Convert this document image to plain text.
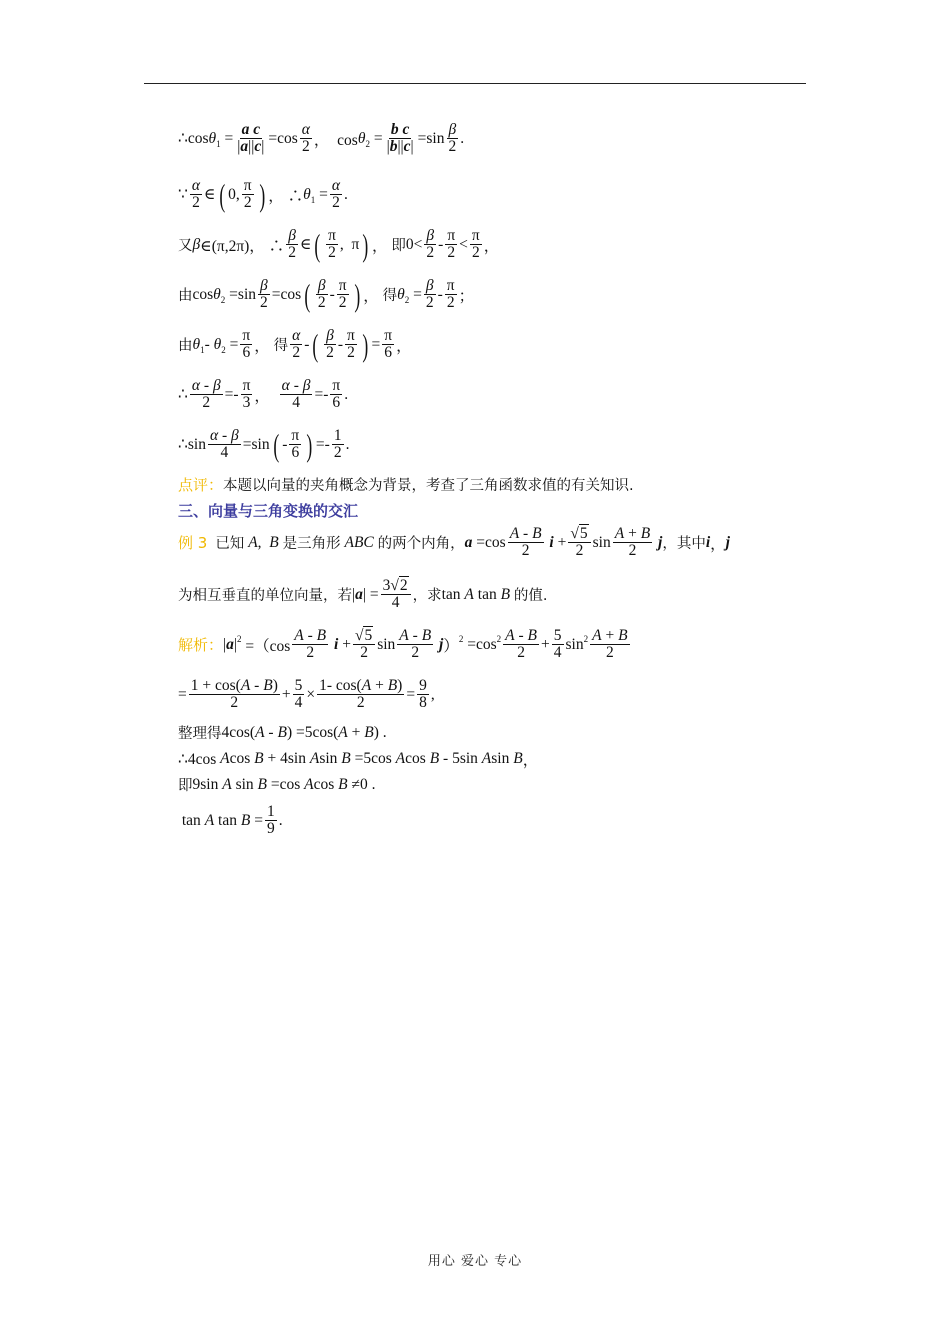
∴cos θ $1 = \frac{\text{a c}}{|a||c|} =\cos \frac{\alpha}{2}$ ，  cos θ $2 = \frac{\text{b c}}{|b||c|} =\sin \frac{\beta}{2}$ .
∵ $\frac{\alpha}{2}$ ∈ ( 0, $\frac{\pi}{2}$ ) ， ∴ θ $1 = \frac{\alpha}{2}$ .
又 β ∈(π,2π)， ∴ $\frac{\beta}{2}$ ∈ ( $\frac{\pi}{2}$ ,  π ) ， 即 $0< \frac{\beta}{2} - \frac{\pi}{2} < \frac{\pi}{2}$ ，
由 cos θ $2 =\sin \frac{\beta}{2} =\cos$ ( $\frac{\beta}{2} - \frac{\pi}{2}$ ) ， 得 θ $2 = \frac{\beta}{2} - \frac{\pi}{2}$ ；
由 θ 1 - θ $2 = \frac{\pi}{6}$ ， 得 $\frac{\alpha}{2}$ - ( $\frac{\beta}{2} - \frac{\pi}{2}$ ) = $\frac{\pi}{6}$ ，
∴ $\frac{\alpha - \beta}{2} =- \frac{\pi}{3}$ ， $\frac{\alpha - \beta}{4} =- \frac{\pi}{6}$ .
∴sin $\frac{\alpha - \beta}{4} =\sin$ ( - $\frac{\pi}{6}$ ) =- $\frac{1}{2}$ .
点评： 本题以向量的夹角概念为背景，考查了三角函数求值的有关知识.
三、向量与三角变换的交汇
例 3 已知
A , B
是三角形
ABC
的两个内角， $a =\cos \frac{A - B}{2}$
$i + \frac{√5}{2}$ $\sin \frac{A + B}{2}$
j ，其中 i ， j
为相互垂直的单位向量，若 | a | = $\frac{3√2}{4}$ ，求 tan A tan B
的值.
解析： | a | $2 =(\cos \frac{A - B}{2}$
$i + \frac{√5}{2}$ $\sin \frac{A - B}{2}$
j ） 2 =cos $2 \frac{A - B}{2} + \frac{5}{4}$ $\sin 2 \frac{A + B}{2}$
= $\frac{1 + \cos(A - B)}{2} + \frac{5}{4} \times \frac{1- \cos(A + B)}{2} = \frac{9}{8}$ ,
整理得 4cos( A - B ) =5cos( A + B ) .
∴4cos A cos B + 4sin A sin B =5cos A cos B - 5sin A sin B ，
即 9sin A sin B =cos A cos B ≠0 .
tan A $\tan B = \frac{1}{9}$ .
用心 爱心 专心
